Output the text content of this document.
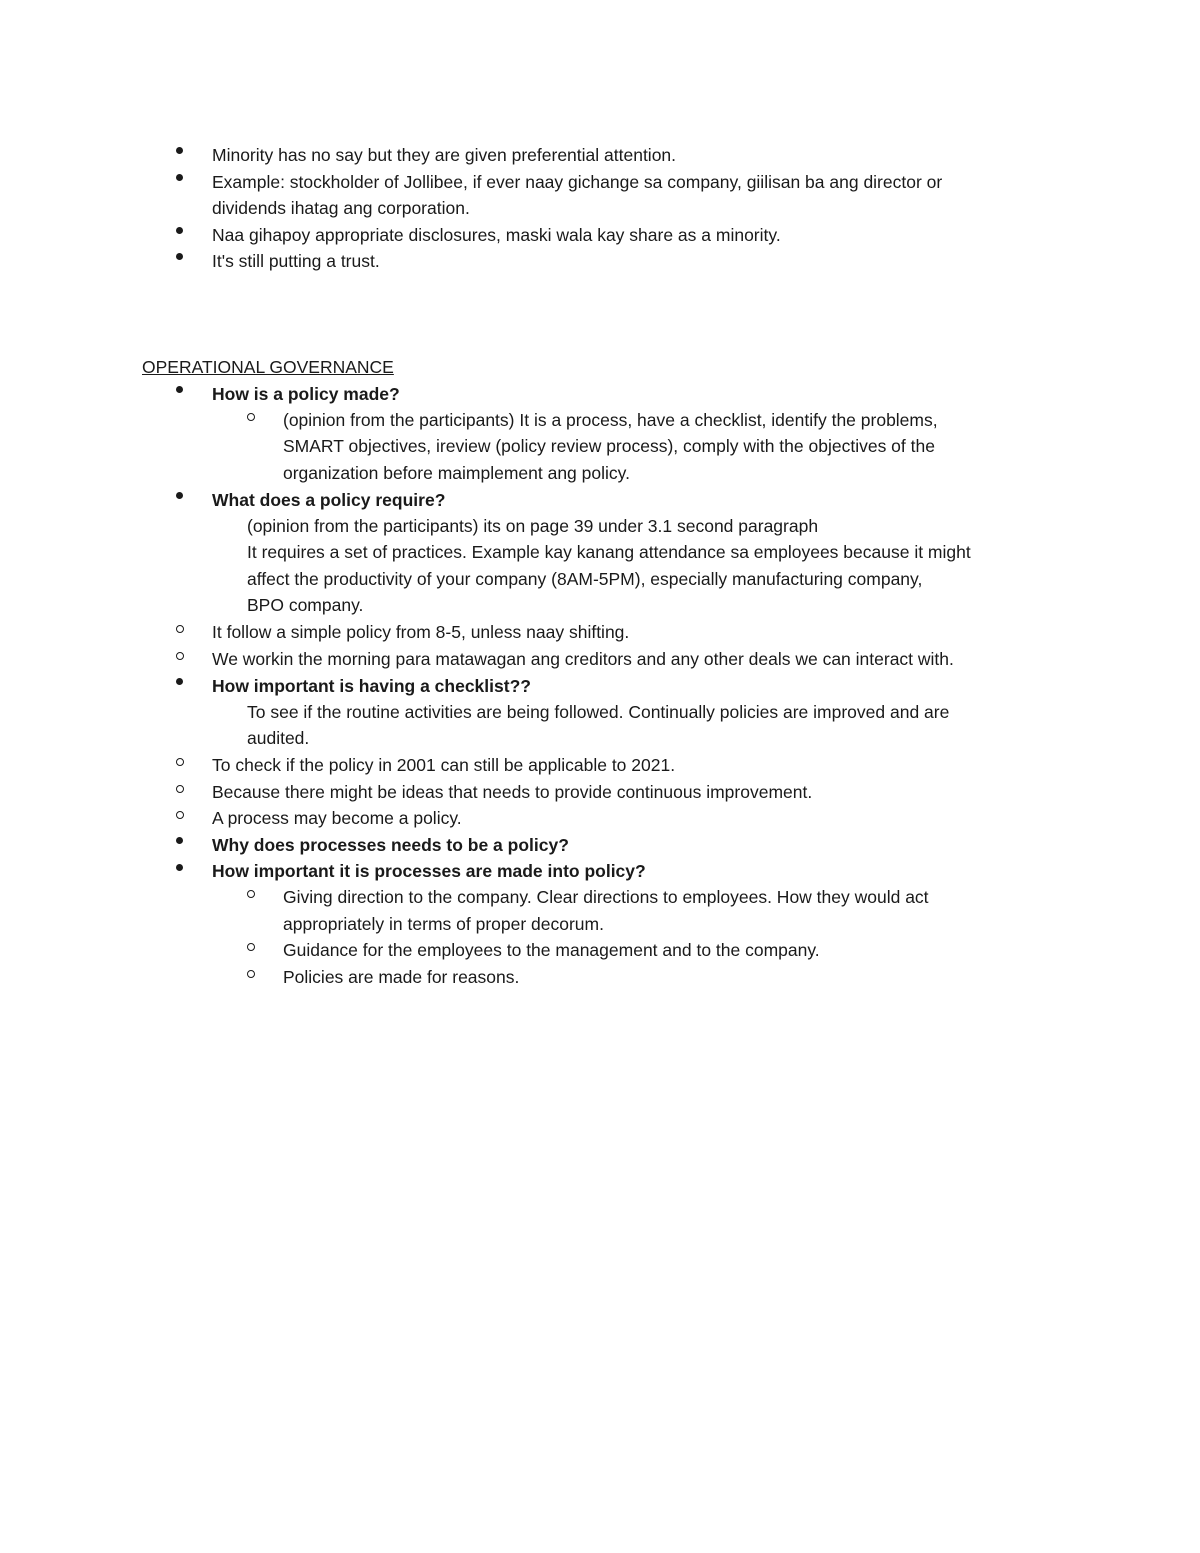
Minority has no say but they are given preferential attention.
Example: stockholder of Jollibee, if ever naay gichange sa company, giilisan ba ang director or
dividends ihatag ang corporation.
Naa gihapoy appropriate disclosures, maski wala kay share as a minority.
It's still putting a trust.
OPERATIONAL GOVERNANCE
How is a policy made?
(opinion from the participants) It is a process, have a checklist, identify the problems,
SMART objectives, ireview (policy review process), comply with the objectives of the
organization before maimplement ang policy.
What does a policy require?
(opinion from the participants) its on page 39 under 3.1 second paragraph
It requires a set of practices. Example kay kanang attendance sa employees because it might
affect the productivity of your company (8AM-5PM), especially manufacturing company,
BPO company.
It follow a simple policy from 8-5, unless naay shifting.
We workin the morning para matawagan ang creditors and any other deals we can interact with.
How important is having a checklist??
To see if the routine activities are being followed. Continually policies are improved and are
audited.
To check if the policy in 2001 can still be applicable to 2021.
Because there might be ideas that needs to provide continuous improvement.
A process may become a policy.
Why does processes needs to be a policy?
How important it is processes are made into policy?
Giving direction to the company. Clear directions to employees. How they would act
appropriately in terms of proper decorum.
Guidance for the employees to the management and to the company.
Policies are made for reasons.
